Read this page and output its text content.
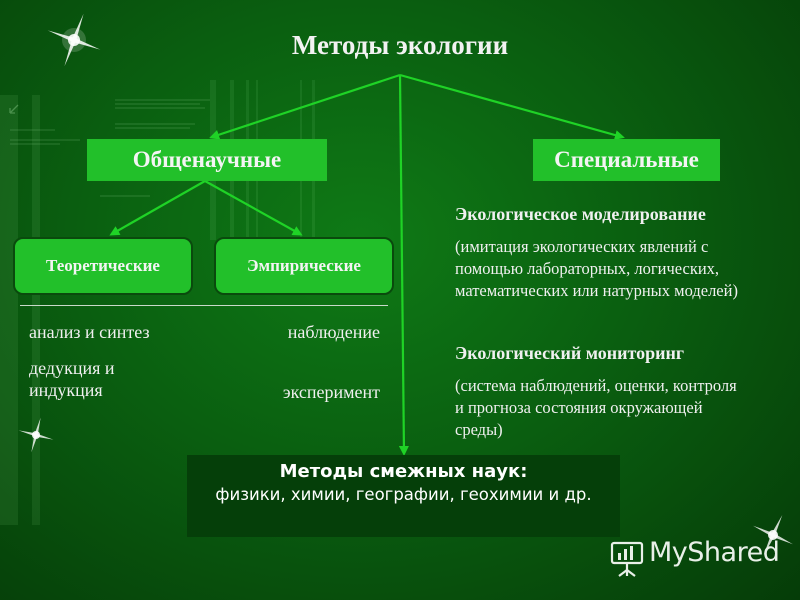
Методы экологии
Общенаучные	Специальные
Теоретические	Эмпирические
анализ и синтез
дедукция и индукция
наблюдение
эксперимент
Экологическое моделирование
(имитация экологических явлений с помощью лабораторных, логических, математических или натурных моделей)
Экологический мониторинг
(система наблюдений, оценки, контроля и прогноза состояния окружающей среды)
Методы смежных наук:
физики, химии, географии, геохимии и др.
MyShared
